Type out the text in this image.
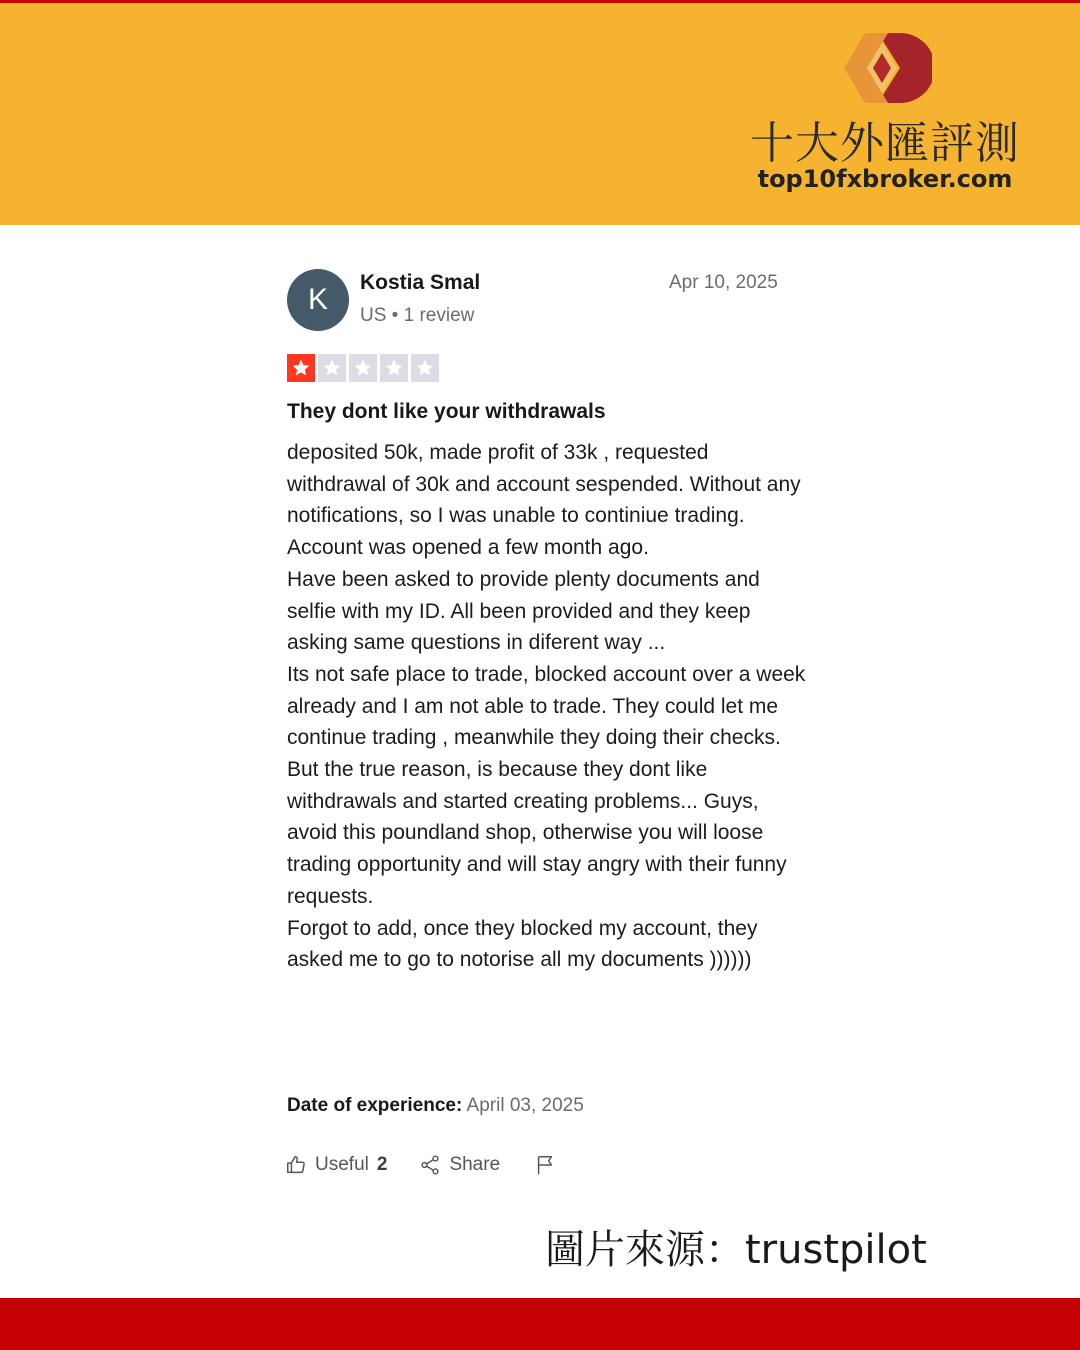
十大外匯評測
top10fxbroker.com
K
Kostia Smal
US • 1 review
Apr 10, 2025
They dont like your withdrawals

deposited 50k, made profit of 33k , requested withdrawal of 30k and account sespended. Without any notifications, so I was unable to continiue trading. Account was opened a few month ago.

Have been asked to provide plenty documents and selfie with my ID. All been provided and they keep asking same questions in diferent way ...

Its not safe place to trade, blocked account over a week already and I am not able to trade. They could let me continue trading , meanwhile they doing their checks. But the true reason, is because they dont like withdrawals and started creating problems... Guys, avoid this poundland shop, otherwise you will loose trading opportunity and will stay angry with their funny requests.

Forgot to add, once they blocked my account, they asked me to go to notorise all my documents ))))))

Date of experience: April 03, 2025
Useful 2	Share
圖片來源：trustpilot
